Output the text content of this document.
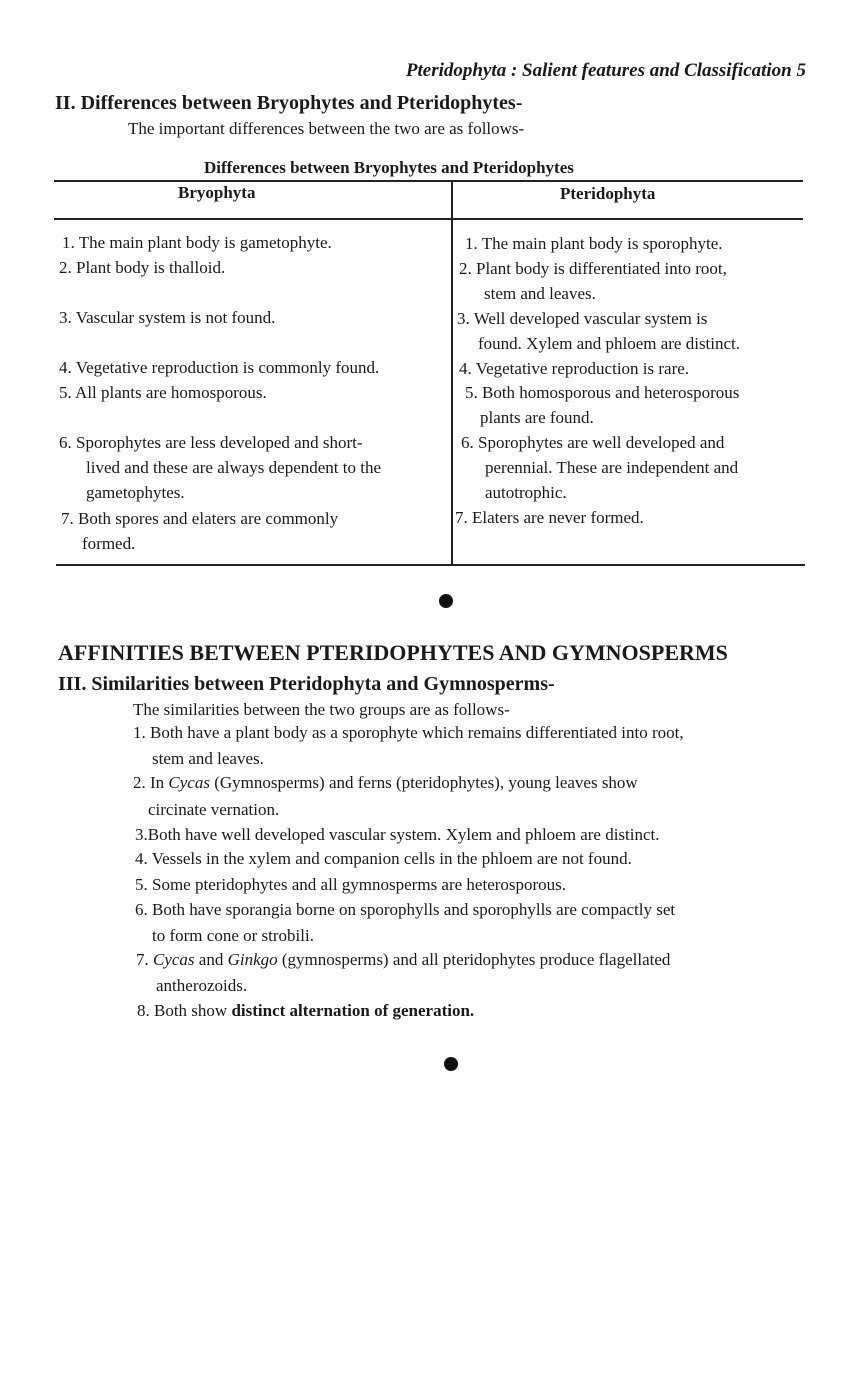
Pteridophyta : Salient features and Classification 5
II. Differences between Bryophytes and Pteridophytes-
The important differences between the two are as follows-
Differences between Bryophytes and Pteridophytes
Bryophyta	Pteridophyta
1. The main plant body is gametophyte.
2. Plant body is thalloid.
3. Vascular system is not found.
4. Vegetative reproduction is commonly found.
5. All plants are homosporous.
6. Sporophytes are less developed and short-
lived and these are always dependent to the
gametophytes.
7. Both spores and elaters are commonly
formed.
1. The main plant body is sporophyte.
2. Plant body is differentiated into root,
stem and leaves.
3. Well developed vascular system is
found. Xylem and phloem are distinct.
4. Vegetative reproduction is rare.
5. Both homosporous and heterosporous
plants are found.
6. Sporophytes are well developed and
perennial. These are independent and
autotrophic.
7. Elaters are never formed.
AFFINITIES BETWEEN PTERIDOPHYTES AND GYMNOSPERMS
III. Similarities between Pteridophyta and Gymnosperms-
The similarities between the two groups are as follows-
1. Both have a plant body as a sporophyte which remains differentiated into root,
stem and leaves.
2. In Cycas (Gymnosperms) and ferns (pteridophytes), young leaves show
circinate vernation.
3.Both have well developed vascular system. Xylem and phloem are distinct.
4. Vessels in the xylem and companion cells in the phloem are not found.
5. Some pteridophytes and all gymnosperms are heterosporous.
6. Both have sporangia borne on sporophylls and sporophylls are compactly set
to form cone or strobili.
7. Cycas and Ginkgo (gymnosperms) and all pteridophytes produce flagellated
antherozoids.
8. Both show distinct alternation of generation.
